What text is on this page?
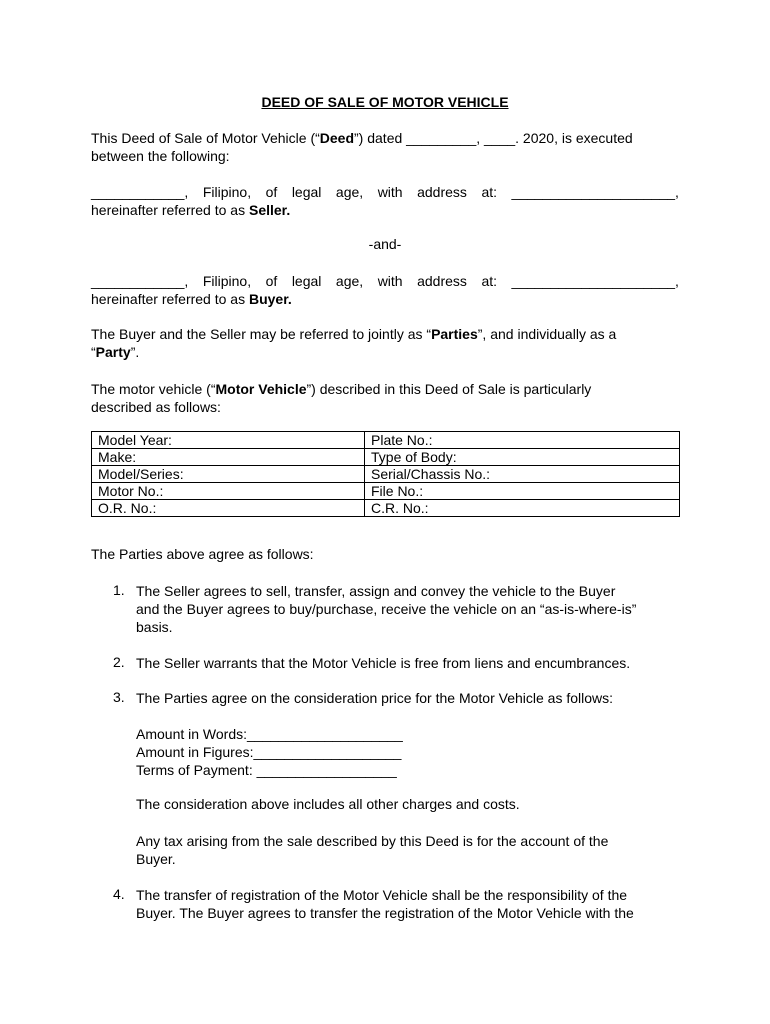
DEED OF SALE OF MOTOR VEHICLE

This Deed of Sale of Motor Vehicle (“Deed”) dated _________, ____. 2020, is executed

between the following:

____________, Filipino, of legal age, with address at: _____________________,

hereinafter referred to as Seller.

-and-

____________, Filipino, of legal age, with address at: _____________________,

hereinafter referred to as Buyer.

The Buyer and the Seller may be referred to jointly as “Parties”, and individually as a

“Party”.

The motor vehicle (“Motor Vehicle”) described in this Deed of Sale is particularly

described as follows:

Model Year:	Plate No.:
Make:	Type of Body:
Model/Series:	Serial/Chassis No.:
Motor No.:	File No.:
O.R. No.:	C.R. No.:
The Parties above agree as follows:
1. The Seller agrees to sell, transfer, assign and convey the vehicle to the Buyer

and the Buyer agrees to buy/purchase, receive the vehicle on an “as-is-where-is”

basis.

2. The Seller warrants that the Motor Vehicle is free from liens and encumbrances.

3. The Parties agree on the consideration price for the Motor Vehicle as follows:

Amount in Words:____________________

Amount in Figures:___________________

Terms of Payment: __________________

The consideration above includes all other charges and costs.

Any tax arising from the sale described by this Deed is for the account of the

Buyer.

4. The transfer of registration of the Motor Vehicle shall be the responsibility of the

Buyer. The Buyer agrees to transfer the registration of the Motor Vehicle with the
